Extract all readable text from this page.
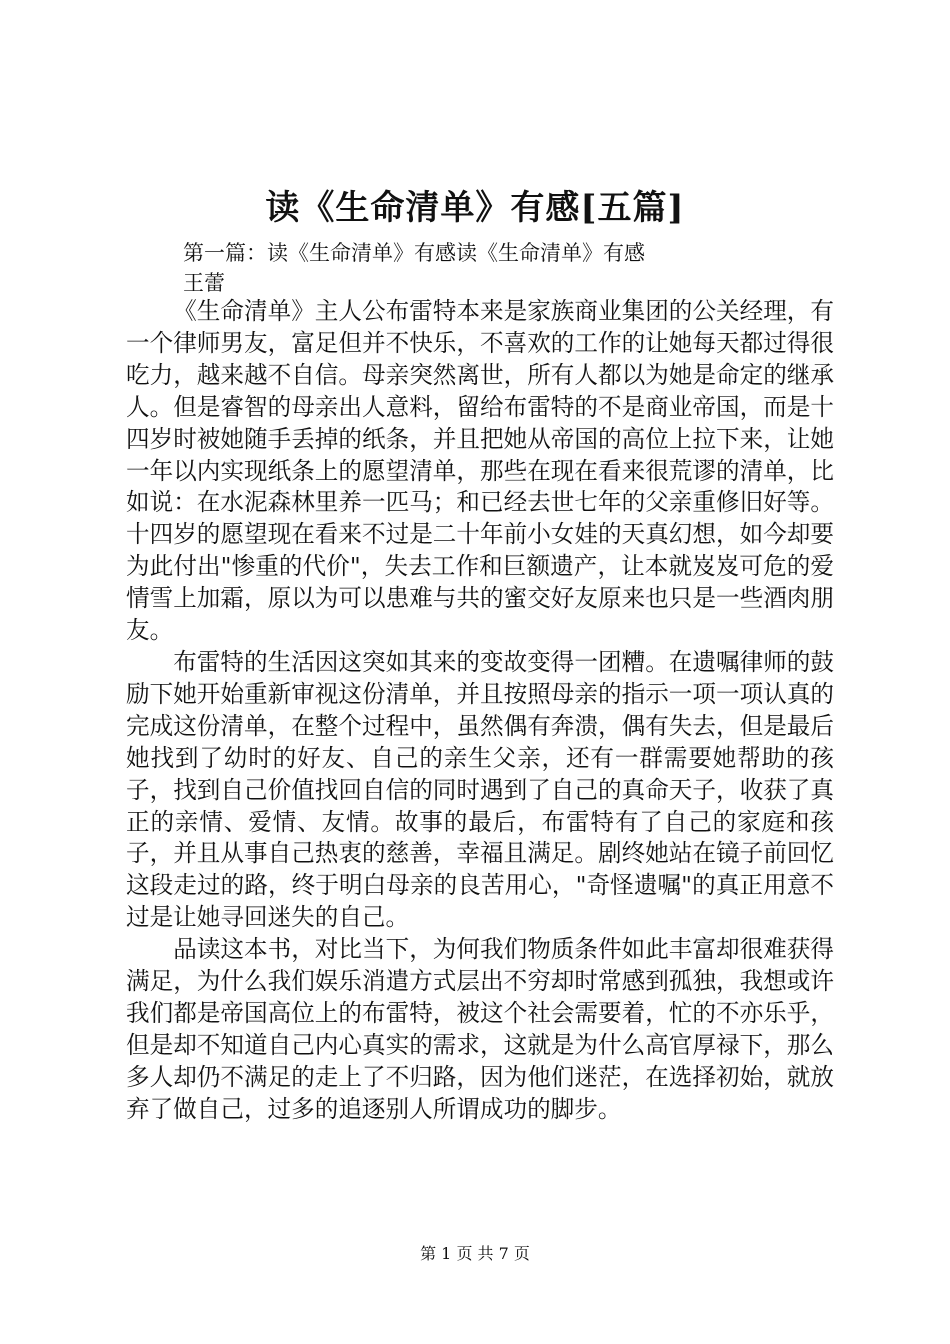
读《生命清单》有感[五篇]
第一篇：读《生命清单》有感读《生命清单》有感
王蕾

《生命清单》主人公布雷特本来是家族商业集团的公关经理，有一个律师男友，富足但并不快乐，不喜欢的工作的让她每天都过得很吃力，越来越不自信。母亲突然离世，所有人都以为她是命定的继承人。但是睿智的母亲出人意料，留给布雷特的不是商业帝国，而是十四岁时被她随手丢掉的纸条，并且把她从帝国的高位上拉下来，让她一年以内实现纸条上的愿望清单，那些在现在看来很荒谬的清单，比如说：在水泥森林里养一匹马；和已经去世七年的父亲重修旧好等。十四岁的愿望现在看来不过是二十年前小女娃的天真幻想，如今却要为此付出"惨重的代价"，失去工作和巨额遗产，让本就岌岌可危的爱情雪上加霜，原以为可以患难与共的蜜交好友原来也只是一些酒肉朋友。

布雷特的生活因这突如其来的变故变得一团糟。在遗嘱律师的鼓励下她开始重新审视这份清单，并且按照母亲的指示一项一项认真的完成这份清单，在整个过程中，虽然偶有奔溃，偶有失去，但是最后她找到了幼时的好友、自己的亲生父亲，还有一群需要她帮助的孩子，找到自己价值找回自信的同时遇到了自己的真命天子，收获了真正的亲情、爱情、友情。故事的最后，布雷特有了自己的家庭和孩子，并且从事自己热衷的慈善，幸福且满足。剧终她站在镜子前回忆这段走过的路，终于明白母亲的良苦用心，"奇怪遗嘱"的真正用意不过是让她寻回迷失的自己。

品读这本书，对比当下，为何我们物质条件如此丰富却很难获得满足，为什么我们娱乐消遣方式层出不穷却时常感到孤独，我想或许我们都是帝国高位上的布雷特，被这个社会需要着，忙的不亦乐乎，但是却不知道自己内心真实的需求，这就是为什么高官厚禄下，那么多人却仍不满足的走上了不归路，因为他们迷茫，在选择初始，就放弃了做自己，过多的追逐别人所谓成功的脚步。

第 1 页 共 7 页
